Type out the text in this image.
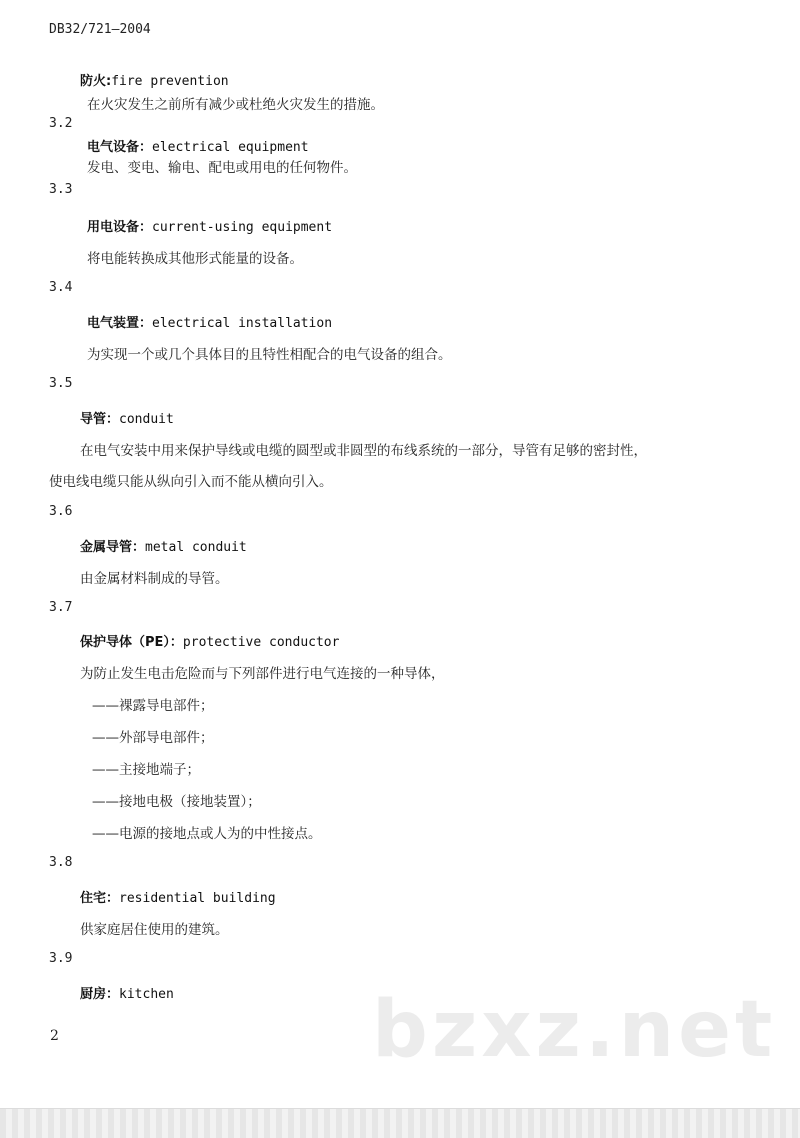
DB32/721—2004
防火:fire prevention
在火灾发生之前所有减少或杜绝火灾发生的措施。
3.2
电气设备：electrical equipment
发电、变电、输电、配电或用电的任何物件。
3.3
用电设备：current-using equipment
将电能转换成其他形式能量的设备。
3.4
电气装置：electrical installation
为实现一个或几个具体目的且特性相配合的电气设备的组合。
3.5
导管：conduit
在电气安装中用来保护导线或电缆的圆型或非圆型的布线系统的一部分，导管有足够的密封性，
使电线电缆只能从纵向引入而不能从横向引入。
3.6
金属导管：metal conduit
由金属材料制成的导管。
3.7
保护导体（PE）：protective conductor
为防止发生电击危险而与下列部件进行电气连接的一种导体，
——裸露导电部件；
——外部导电部件；
——主接地端子；
——接地电极（接地装置）；
——电源的接地点或人为的中性接点。
3.8
住宅：residential building
供家庭居住使用的建筑。
3.9
厨房：kitchen	bzxz.net
2
